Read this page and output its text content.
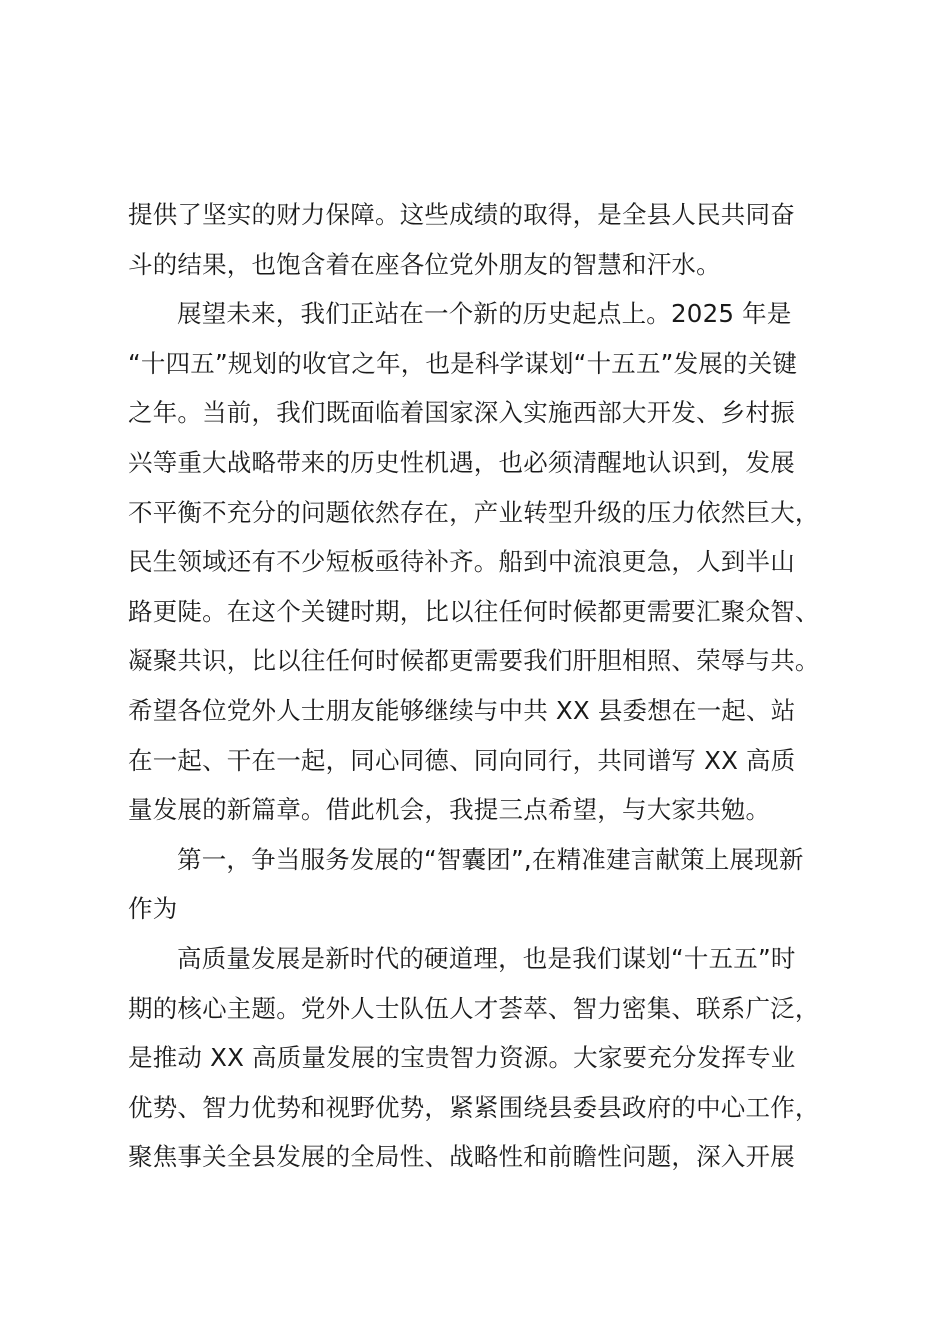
提供了坚实的财力保障。这些成绩的取得，是全县人民共同奋
斗的结果，也饱含着在座各位党外朋友的智慧和汗水。
展望未来，我们正站在一个新的历史起点上。2025 年是
“十四五”规划的收官之年，也是科学谋划“十五五”发展的关键
之年。当前，我们既面临着国家深入实施西部大开发、乡村振
兴等重大战略带来的历史性机遇，也必须清醒地认识到，发展
不平衡不充分的问题依然存在，产业转型升级的压力依然巨大，
民生领域还有不少短板亟待补齐。船到中流浪更急，人到半山
路更陡。在这个关键时期，比以往任何时候都更需要汇聚众智、
凝聚共识，比以往任何时候都更需要我们肝胆相照、荣辱与共。
希望各位党外人士朋友能够继续与中共 XX 县委想在一起、站
在一起、干在一起，同心同德、同向同行，共同谱写 XX 高质
量发展的新篇章。借此机会，我提三点希望，与大家共勉。
第一，争当服务发展的“智囊团”,在精准建言献策上展现新
作为
高质量发展是新时代的硬道理，也是我们谋划“十五五”时
期的核心主题。党外人士队伍人才荟萃、智力密集、联系广泛，
是推动 XX 高质量发展的宝贵智力资源。大家要充分发挥专业
优势、智力优势和视野优势，紧紧围绕县委县政府的中心工作，
聚焦事关全县发展的全局性、战略性和前瞻性问题，深入开展
